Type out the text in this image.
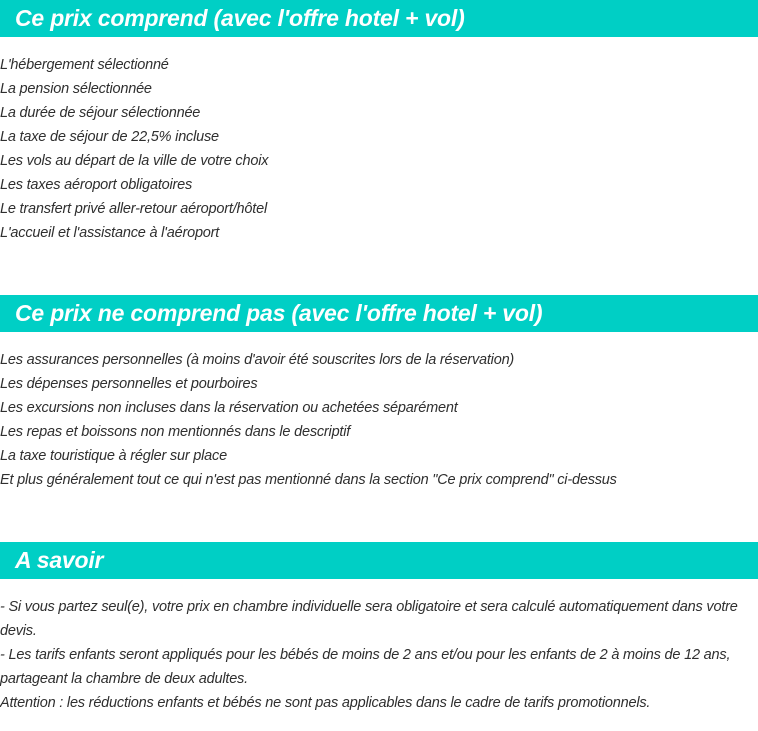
Ce prix comprend (avec l'offre hotel + vol)
L'hébergement sélectionné
La pension sélectionnée
La durée de séjour sélectionnée
La taxe de séjour de 22,5% incluse
Les vols au départ de la ville de votre choix
Les taxes aéroport obligatoires
Le transfert privé aller-retour aéroport/hôtel
L'accueil et l'assistance à l'aéroport
Ce prix ne comprend pas (avec l'offre hotel + vol)
Les assurances personnelles (à moins d'avoir été souscrites lors de la réservation)
Les dépenses personnelles et pourboires
Les excursions non incluses dans la réservation ou achetées séparément
Les repas et boissons non mentionnés dans le descriptif
La taxe touristique à régler sur place
Et plus généralement tout ce qui n'est pas mentionné dans la section "Ce prix comprend" ci-dessus
A savoir

- Si vous partez seul(e), votre prix en chambre individuelle sera obligatoire et sera calculé automatiquement dans votre devis.

- Les tarifs enfants seront appliqués pour les bébés de moins de 2 ans et/ou pour les enfants de 2 à moins de 12 ans, partageant la chambre de deux adultes.

Attention : les réductions enfants et bébés ne sont pas applicables dans le cadre de tarifs promotionnels.
